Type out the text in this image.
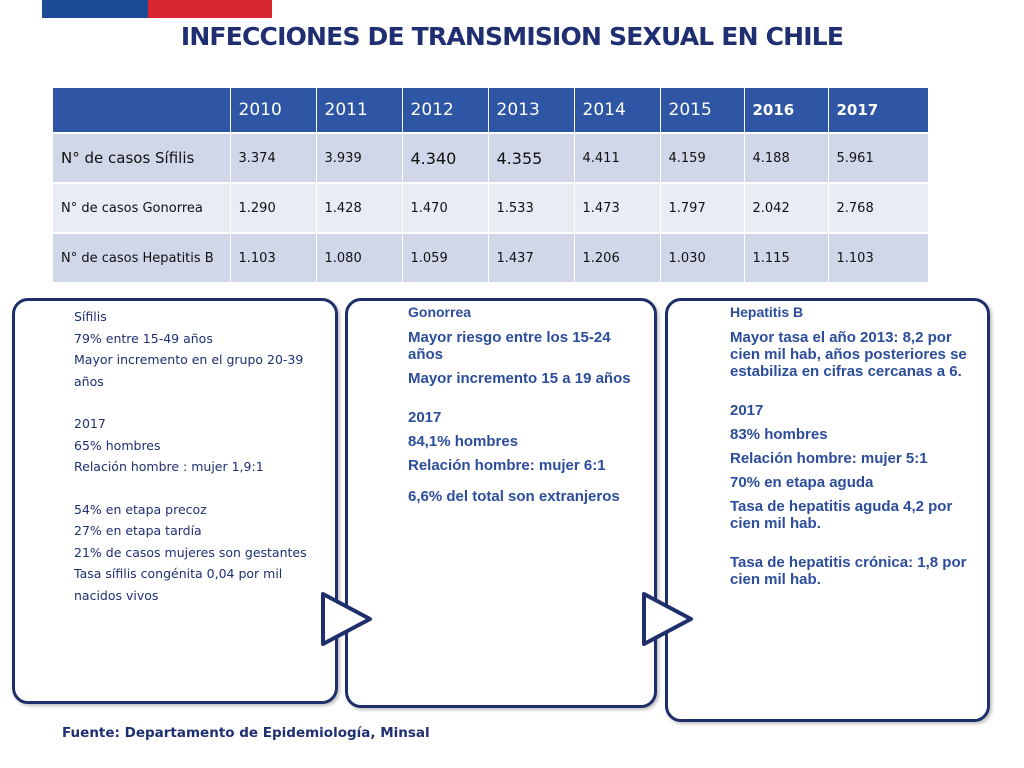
INFECCIONES DE TRANSMISION SEXUAL EN CHILE
	2010	2011	2012	2013	2014	2015	2016	2017
N° de casos Sífilis	3.374	3.939	4.340	4.355	4.411	4.159	4.188	5.961
N° de casos Gonorrea	1.290	1.428	1.470	1.533	1.473	1.797	2.042	2.768
N° de casos Hepatitis B	1.103	1.080	1.059	1.437	1.206	1.030	1.115	1.103
Sífilis
79% entre 15-49 años
Mayor incremento en el grupo 20-39 años
2017
65% hombres
Relación hombre : mujer 1,9:1
54% en etapa precoz
27% en etapa tardía
21% de casos mujeres son gestantes
Tasa sífilis congénita 0,04 por mil nacidos vivos
Gonorrea
Mayor riesgo entre los 15-24 años
Mayor incremento 15 a 19 años
2017
84,1% hombres
Relación hombre: mujer 6:1
6,6% del total son extranjeros
Hepatitis B
Mayor tasa el año 2013: 8,2 por cien mil hab, años posteriores se estabiliza en cifras cercanas a 6.
2017
83% hombres
Relación hombre: mujer 5:1
70% en etapa aguda
Tasa de hepatitis aguda 4,2 por cien mil hab.
Tasa de hepatitis crónica: 1,8 por cien mil hab.
Fuente: Departamento de Epidemiología, Minsal
